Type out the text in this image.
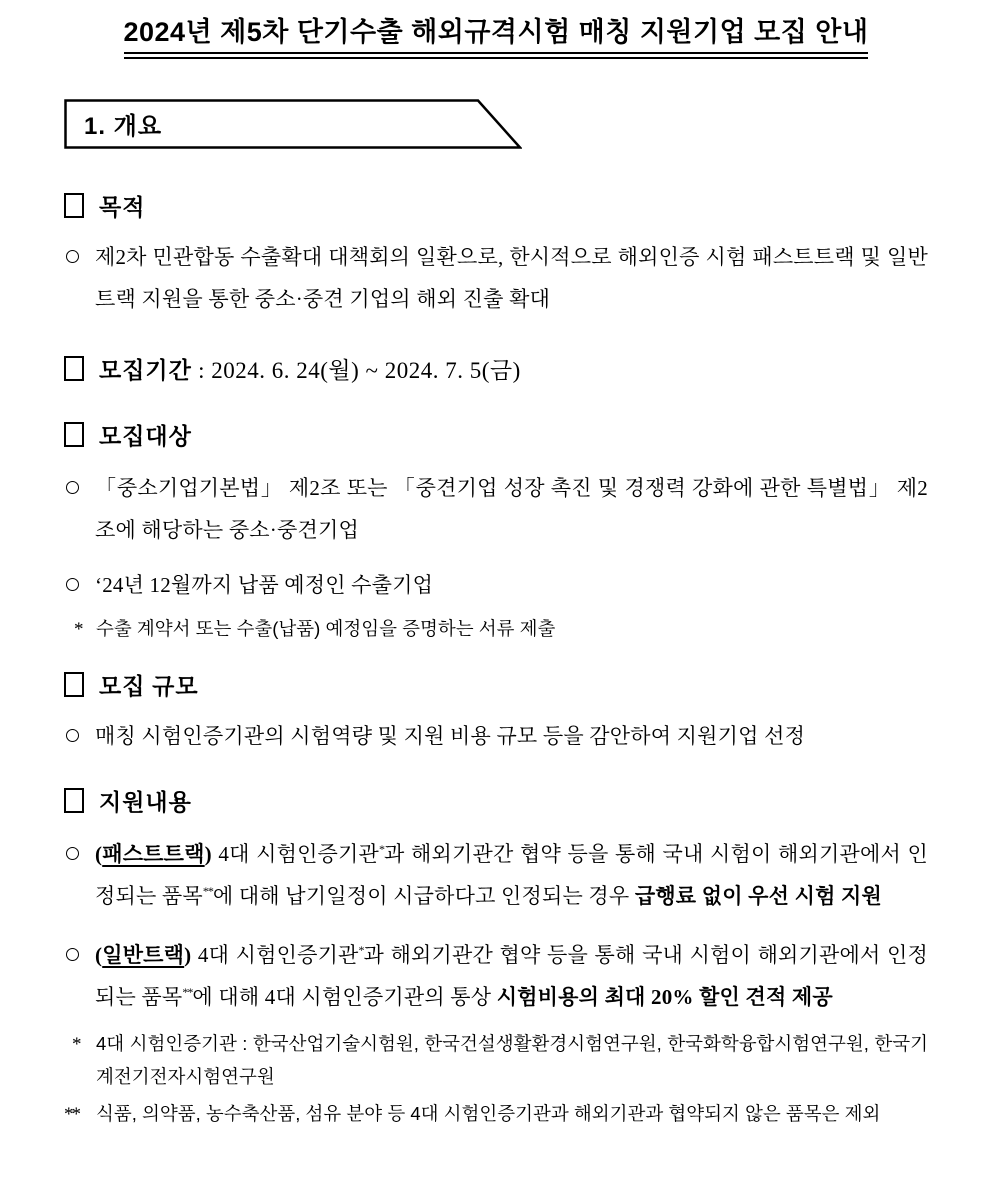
2024년 제5차 단기수출 해외규격시험 매칭 지원기업 모집 안내
1. 개요
목적
제2차 민관합동 수출확대 대책회의 일환으로, 한시적으로 해외인증 시험 패스트트랙 및 일반트랙 지원을 통한 중소·중견 기업의 해외 진출 확대
모집기간 : 2024. 6. 24(월) ~ 2024. 7. 5(금)
모집대상
「중소기업기본법」 제2조 또는 「중견기업 성장 촉진 및 경쟁력 강화에 관한 특별법」 제2조에 해당하는 중소·중견기업
‘24년 12월까지 납품 예정인 수출기업
* 수출 계약서 또는 수출(납품) 예정임을 증명하는 서류 제출
모집 규모
매칭 시험인증기관의 시험역량 및 지원 비용 규모 등을 감안하여 지원기업 선정
지원내용
(패스트트랙) 4대 시험인증기관*과 해외기관간 협약 등을 통해 국내 시험이 해외기관에서 인정되는 품목**에 대해 납기일정이 시급하다고 인정되는 경우 급행료 없이 우선 시험 지원
(일반트랙) 4대 시험인증기관*과 해외기관간 협약 등을 통해 국내 시험이 해외기관에서 인정되는 품목**에 대해 4대 시험인증기관의 통상 시험비용의 최대 20% 할인 견적 제공
* 4대 시험인증기관 : 한국산업기술시험원, 한국건설생활환경시험연구원, 한국화학융합시험연구원, 한국기계전기전자시험연구원
** 식품, 의약품, 농수축산품, 섬유 분야 등 4대 시험인증기관과 해외기관과 협약되지 않은 품목은 제외
